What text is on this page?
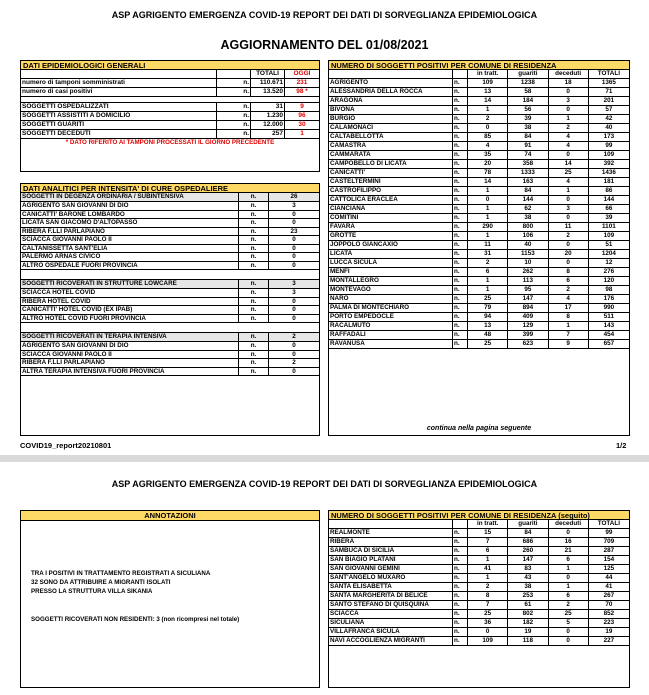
ASP AGRIGENTO EMERGENZA COVID-19 REPORT DEI DATI DI SORVEGLIANZA EPIDEMIOLOGICA
AGGIORNAMENTO DEL 01/08/2021
DATI EPIDEMIOLOGICI GENERALI
TOTALI	OGGI
numero di tamponi somministrati	n.	110.671	231
numero di casi positivi	n.	13.520	98 *
SOGGETTI OSPEDALIZZATI	n.	31	9
SOGGETTI ASSISTITI A DOMICILIO	n.	1.230	96
SOGGETTI GUARITI	n.	12.000	30
SOGGETTI DECEDUTI	n.	257	1
* DATO RIFERITO AI TAMPONI PROCESSATI IL GIORNO PRECEDENTE
DATI ANALITICI PER INTENSITA' DI CURE OSPEDALIERE
SOGGETTI IN DEGENZA ORDINARIA / SUBINTENSIVA	n.	26
AGRIGENTO SAN GIOVANNI DI DIO	n.	3
CANICATTI' BARONE LOMBARDO	n.	0
LICATA SAN GIACOMO D'ALTOPASSO	n.	0
RIBERA F.LLI PARLAPIANO	n.	23
SCIACCA GIOVANNI PAOLO II	n.	0
CALTANISSETTA SANT'ELIA	n.	0
PALERMO ARNAS CIVICO	n.	0
ALTRO OSPEDALE FUORI PROVINCIA	n.	0
SOGGETTI RICOVERATI IN STRUTTURE LOWCARE	n.	3
SCIACCA HOTEL COVID	n.	3
RIBERA HOTEL COVID	n.	0
CANICATTI' HOTEL COVID (EX IPAB)	n.	0
ALTRO HOTEL COVID FUORI PROVINCIA	n.	0
SOGGETTI RICOVERATI IN TERAPIA INTENSIVA	n.	2
AGRIGENTO SAN GIOVANNI DI DIO	n.	0
SCIACCA GIOVANNI PAOLO II	n.	0
RIBERA F.LLI PARLAPIANO	n.	2
ALTRA TERAPIA INTENSIVA FUORI PROVINCIA	n.	0
NUMERO DI SOGGETTI POSITIVI PER COMUNE DI RESIDENZA
in tratt.	guariti	deceduti	TOTALI
AGRIGENTO	n.	109	1238	18	1365
ALESSANDRIA DELLA ROCCA	n.	13	58	0	71
ARAGONA	n.	14	184	3	201
BIVONA	n.	1	56	0	57
BURGIO	n.	2	39	1	42
CALAMONACI	n.	0	38	2	40
CALTABELLOTTA	n.	85	84	4	173
CAMASTRA	n.	4	91	4	99
CAMMARATA	n.	35	74	0	109
CAMPOBELLO DI LICATA	n.	20	358	14	392
CANICATTI'	n.	78	1333	25	1436
CASTELTERMINI	n.	14	163	4	181
CASTROFILIPPO	n.	1	84	1	86
CATTOLICA ERACLEA	n.	0	144	0	144
CIANCIANA	n.	1	62	3	66
COMITINI	n.	1	38	0	39
FAVARA	n.	290	800	11	1101
GROTTE	n.	1	106	2	109
JOPPOLO GIANCAXIO	n.	11	40	0	51
LICATA	n.	31	1153	20	1204
LUCCA SICULA	n.	2	10	0	12
MENFI	n.	6	262	8	276
MONTALLEGRO	n.	1	113	6	120
MONTEVAGO	n.	1	95	2	98
NARO	n.	25	147	4	176
PALMA DI MONTECHIARO	n.	79	894	17	990
PORTO EMPEDOCLE	n.	94	409	8	511
RACALMUTO	n.	13	129	1	143
RAFFADALI	n.	48	399	7	454
RAVANUSA	n.	25	623	9	657
continua nella pagina seguente
COVID19_report20210801	1/2
ASP AGRIGENTO EMERGENZA COVID-19 REPORT DEI DATI DI SORVEGLIANZA EPIDEMIOLOGICA
ANNOTAZIONI
TRA I POSITIVI IN TRATTAMENTO REGISTRATI A SICULIANA
32 SONO DA ATTRIBUIRE A MIGRANTI ISOLATI
PRESSO LA STRUTTURA VILLA SIKANIA
SOGGETTI RICOVERATI NON RESIDENTI: 3 (non ricompresi nel totale)
NUMERO DI SOGGETTI POSITIVI PER COMUNE DI RESIDENZA (seguito)
in tratt.	guariti	deceduti	TOTALI
REALMONTE	n.	15	84	0	99
RIBERA	n.	7	686	16	709
SAMBUCA DI SICILIA	n.	6	260	21	287
SAN BIAGIO PLATANI	n.	1	147	6	154
SAN GIOVANNI GEMINI	n.	41	83	1	125
SANT'ANGELO MUXARO	n.	1	43	0	44
SANTA ELISABETTA	n.	2	38	1	41
SANTA MARGHERITA DI BELICE	n.	8	253	6	267
SANTO STEFANO DI QUISQUINA	n.	7	61	2	70
SCIACCA	n.	25	802	25	852
SICULIANA	n.	36	182	5	223
VILLAFRANCA SICULA	n.	0	19	0	19
NAVI ACCOGLIENZA MIGRANTI	n.	109	118	0	227
